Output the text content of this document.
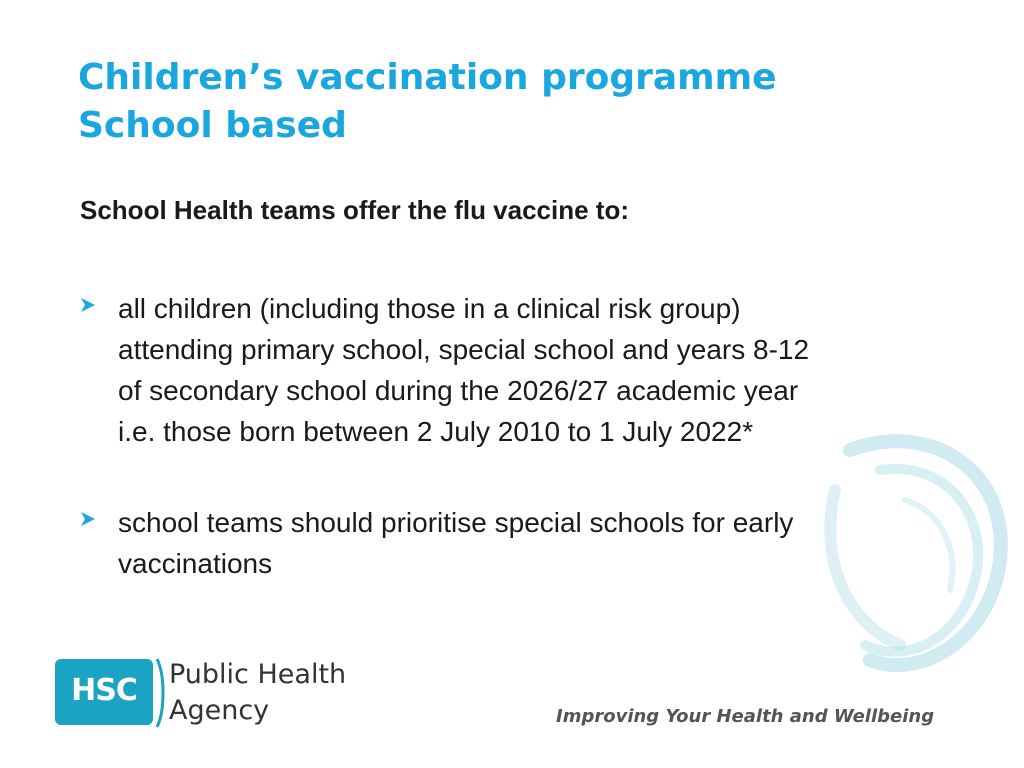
Children’s vaccination programme
School based
School Health teams offer the flu vaccine to:
all children (including those in a clinical risk group)
attending primary school, special school and years 8-12
of secondary school during the 2026/27 academic year
i.e. those born between 2 July 2010 to 1 July 2022*
school teams should prioritise special schools for early
vaccinations
HSC	Public Health
Agency	Improving Your Health and Wellbeing
